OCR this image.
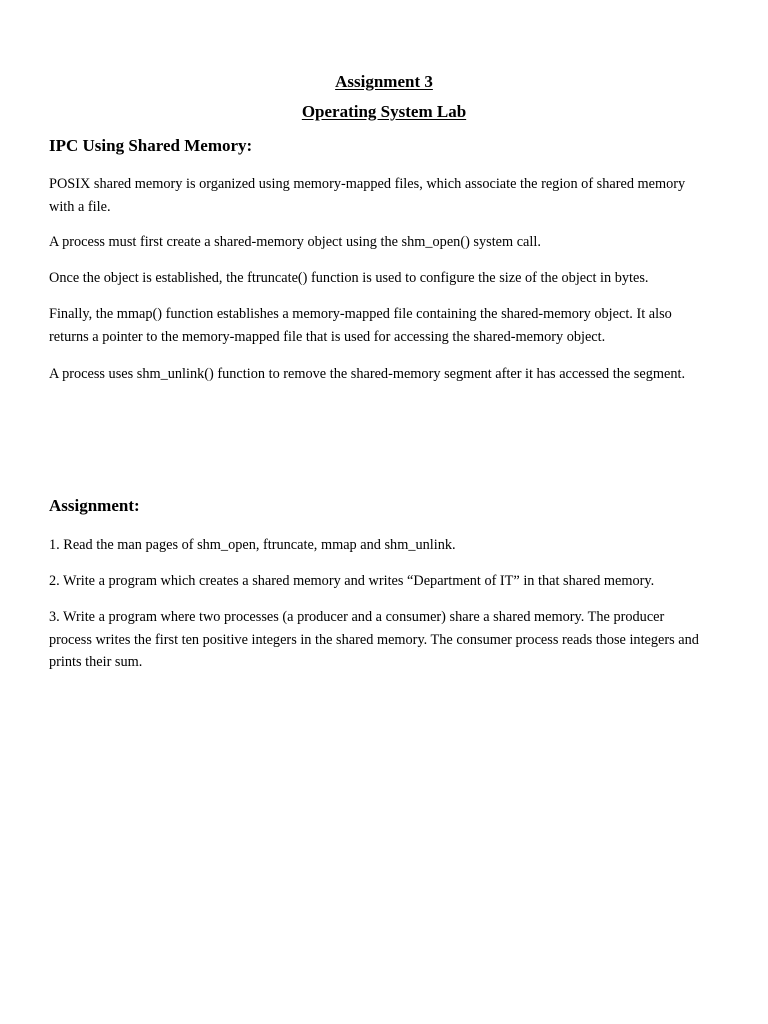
Assignment 3
Operating System Lab
IPC Using Shared Memory:

POSIX shared memory is organized using memory-mapped files, which associate the region of shared memory with a file.

A process must first create a shared-memory object using the shm_open() system call.

Once the object is established, the ftruncate() function is used to configure the size of the object in bytes.

Finally, the mmap() function establishes a memory-mapped file containing the shared-memory object. It also returns a pointer to the memory-mapped file that is used for accessing the shared-memory object.

A process uses shm_unlink() function to remove the shared-memory segment after it has accessed the segment.

Assignment:

1. Read the man pages of shm_open, ftruncate, mmap and shm_unlink.

2. Write a program which creates a shared memory and writes “Department of IT” in that shared memory.

3. Write a program where two processes (a producer and a consumer) share a shared memory. The producer process writes the first ten positive integers in the shared memory. The consumer process reads those integers and prints their sum.
